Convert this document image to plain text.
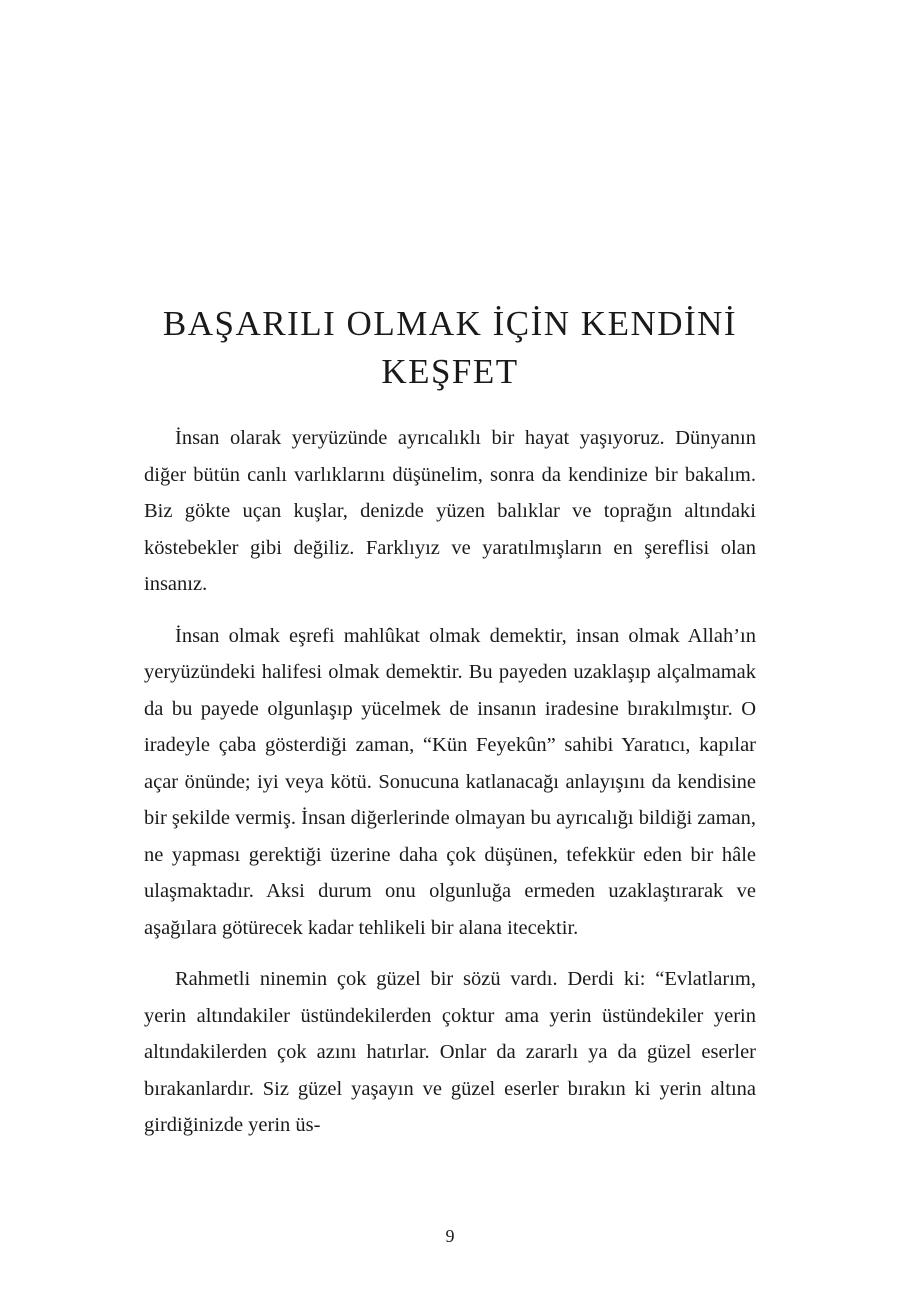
BAŞARILI OLMAK İÇİN KENDİNİ
KEŞFET

İnsan olarak yeryüzünde ayrıcalıklı bir hayat yaşıyoruz. Dünyanın diğer bütün canlı varlıklarını düşünelim, sonra da kendinize bir bakalım. Biz gökte uçan kuşlar, denizde yüzen balıklar ve toprağın altındaki köstebekler gibi değiliz. Farklıyız ve yaratılmışların en şereflisi olan insanız.

İnsan olmak eşrefi mahlûkat olmak demektir, insan olmak Allah’ın yeryüzündeki halifesi olmak demektir. Bu payeden uzaklaşıp alçalmamak da bu payede olgunlaşıp yücelmek de insanın iradesine bırakılmıştır. O iradeyle çaba gösterdiği zaman, “Kün Feyekûn” sahibi Yaratıcı, kapılar açar önünde; iyi veya kötü. Sonucuna katlanacağı anlayışını da kendisine bir şekilde vermiş. İnsan diğerlerinde olmayan bu ayrıcalığı bildiği zaman, ne yapması gerektiği üzerine daha çok düşünen, tefekkür eden bir hâle ulaşmaktadır. Aksi durum onu olgunluğa ermeden uzaklaştırarak ve aşağılara götürecek kadar tehlikeli bir alana itecektir.

Rahmetli ninemin çok güzel bir sözü vardı. Derdi ki: “Evlatlarım, yerin altındakiler üstündekilerden çoktur ama yerin üstündekiler yerin altındakilerden çok azını hatırlar. Onlar da zararlı ya da güzel eserler bırakanlardır. Siz güzel yaşayın ve güzel eserler bırakın ki yerin altına girdiğinizde yerin üs-

9
